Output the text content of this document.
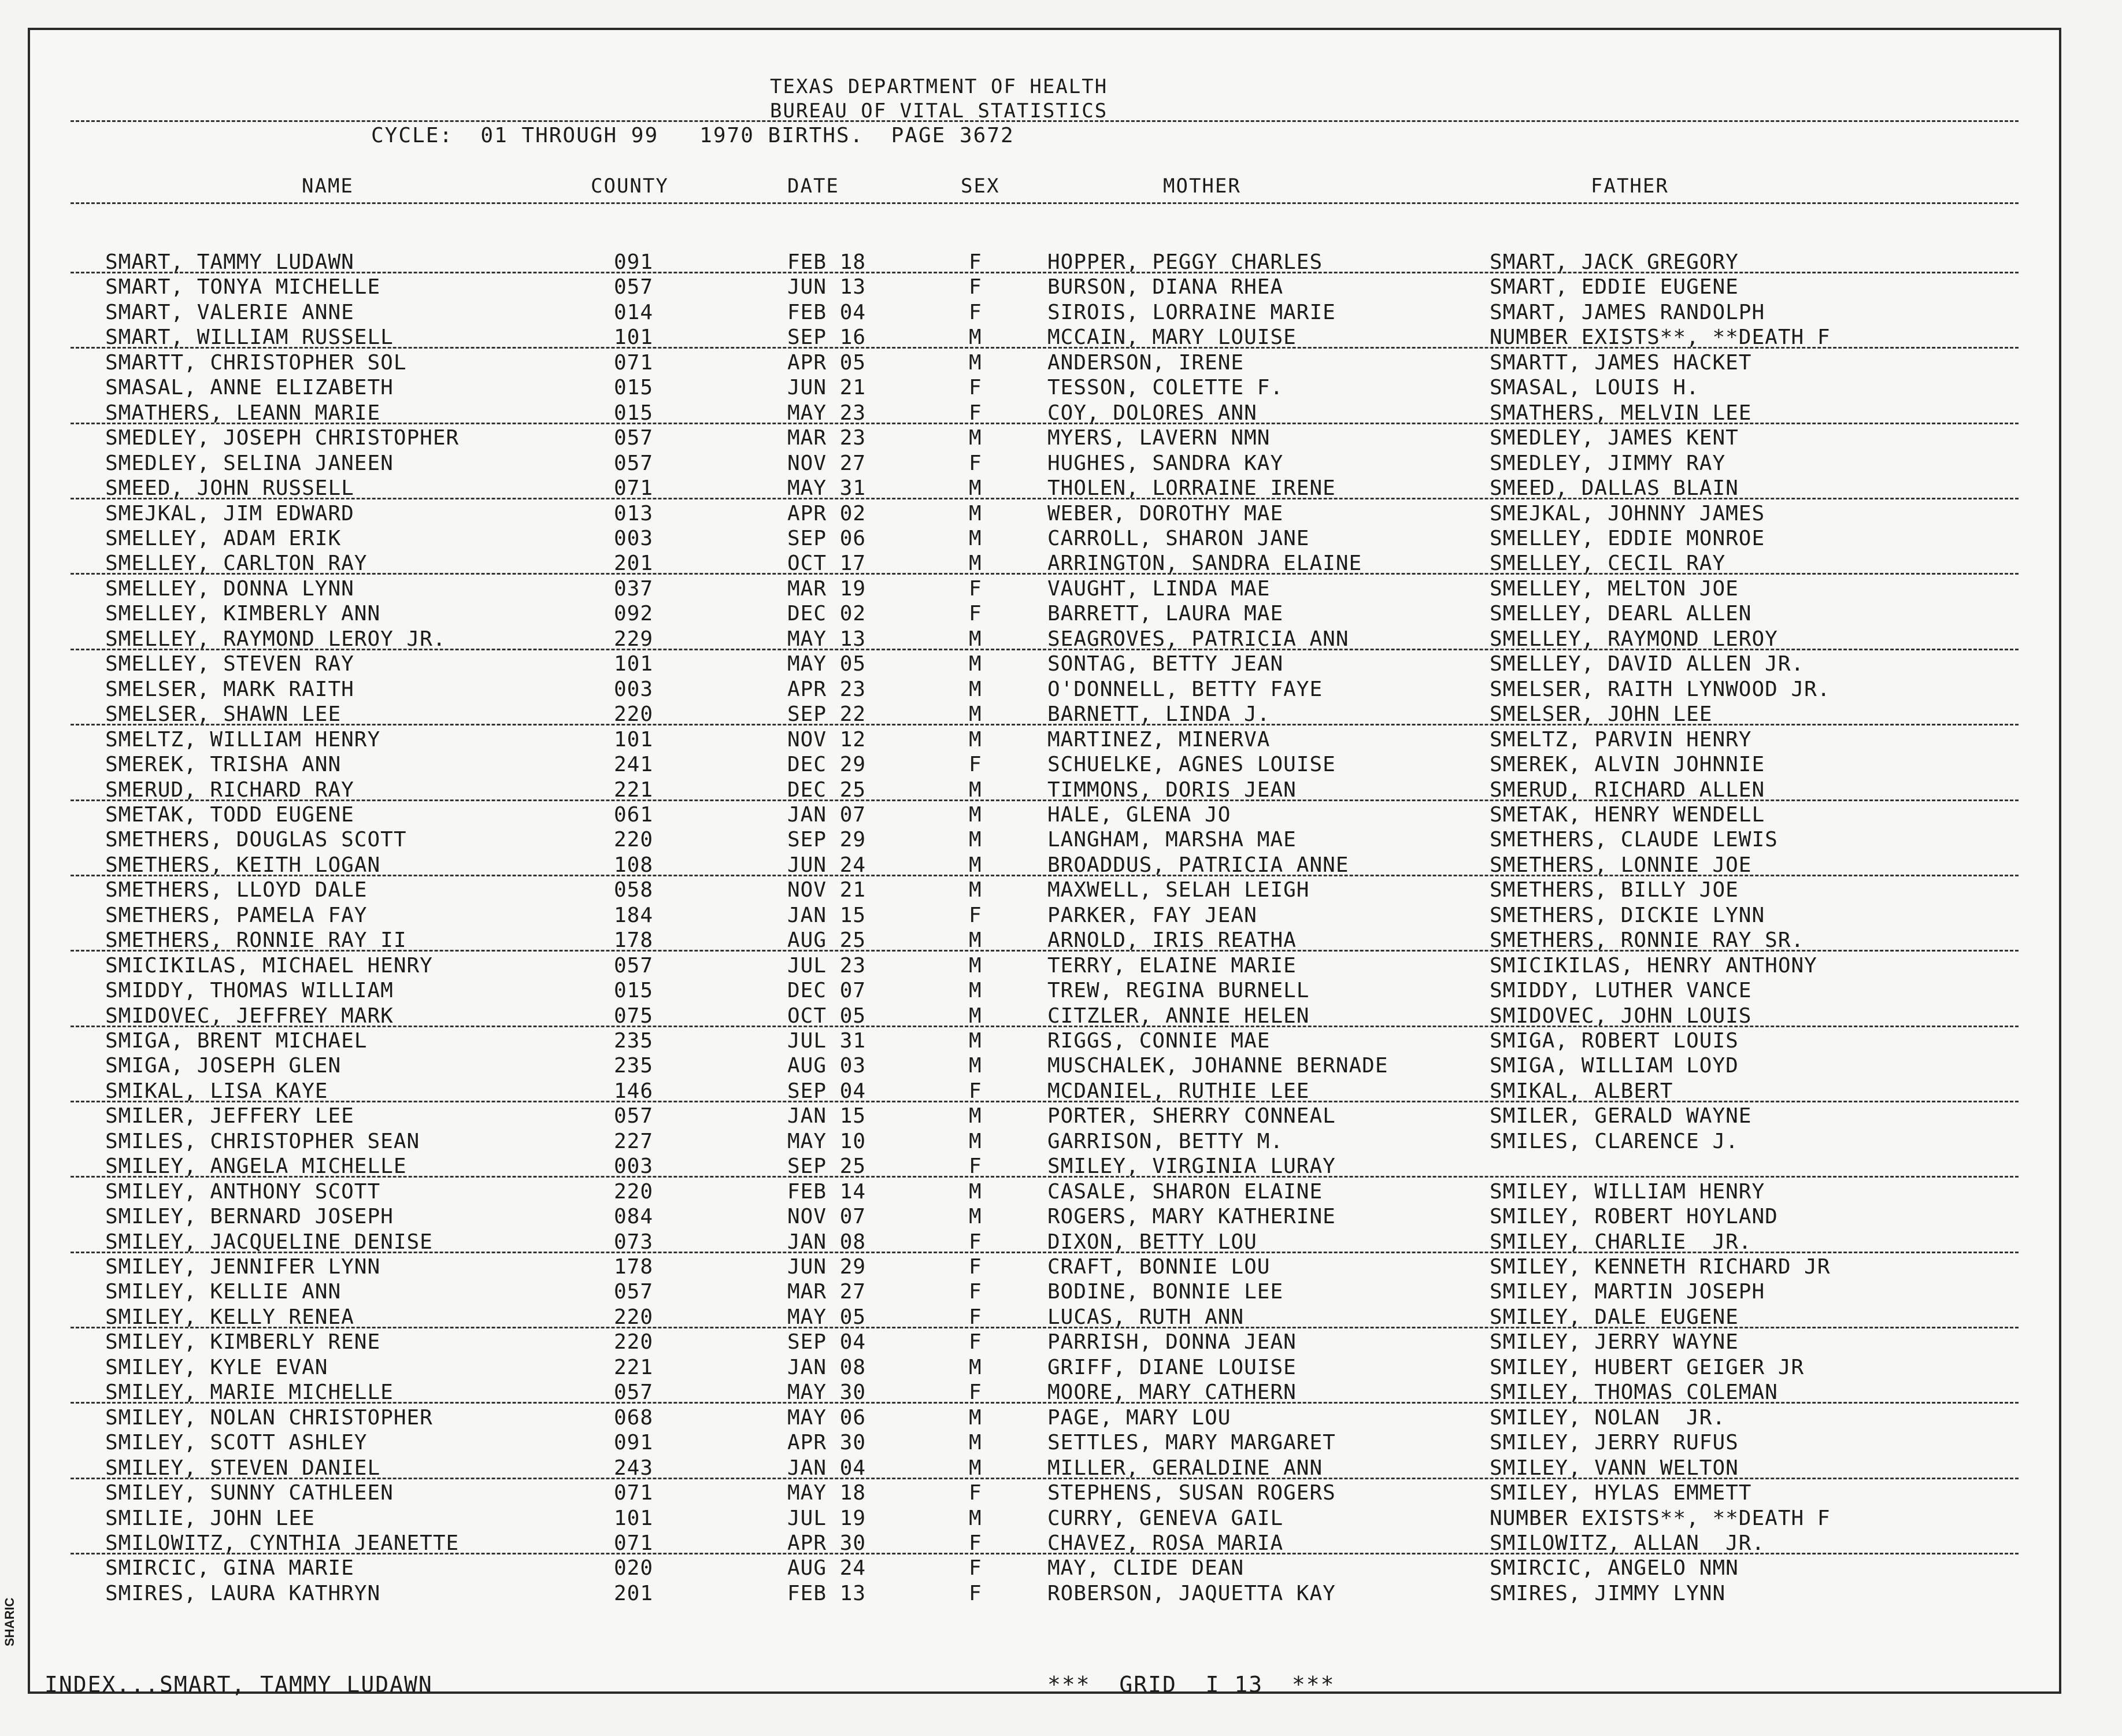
TEXAS DEPARTMENT OF HEALTH
BUREAU OF VITAL STATISTICS
CYCLE:  01 THROUGH 99   1970 BIRTHS.  PAGE 3672
NAME	COUNTY	DATE	SEX	MOTHER	FATHER
SMART, TAMMY LUDAWN	091	FEB 18	F	HOPPER, PEGGY CHARLES	SMART, JACK GREGORY
SMART, TONYA MICHELLE	057	JUN 13	F	BURSON, DIANA RHEA	SMART, EDDIE EUGENE
SMART, VALERIE ANNE	014	FEB 04	F	SIROIS, LORRAINE MARIE	SMART, JAMES RANDOLPH
SMART, WILLIAM RUSSELL	101	SEP 16	M	MCCAIN, MARY LOUISE	NUMBER EXISTS**, **DEATH F
SMARTT, CHRISTOPHER SOL	071	APR 05	M	ANDERSON, IRENE	SMARTT, JAMES HACKET
SMASAL, ANNE ELIZABETH	015	JUN 21	F	TESSON, COLETTE F.	SMASAL, LOUIS H.
SMATHERS, LEANN MARIE	015	MAY 23	F	COY, DOLORES ANN	SMATHERS, MELVIN LEE
SMEDLEY, JOSEPH CHRISTOPHER	057	MAR 23	M	MYERS, LAVERN NMN	SMEDLEY, JAMES KENT
SMEDLEY, SELINA JANEEN	057	NOV 27	F	HUGHES, SANDRA KAY	SMEDLEY, JIMMY RAY
SMEED, JOHN RUSSELL	071	MAY 31	M	THOLEN, LORRAINE IRENE	SMEED, DALLAS BLAIN
SMEJKAL, JIM EDWARD	013	APR 02	M	WEBER, DOROTHY MAE	SMEJKAL, JOHNNY JAMES
SMELLEY, ADAM ERIK	003	SEP 06	M	CARROLL, SHARON JANE	SMELLEY, EDDIE MONROE
SMELLEY, CARLTON RAY	201	OCT 17	M	ARRINGTON, SANDRA ELAINE	SMELLEY, CECIL RAY
SMELLEY, DONNA LYNN	037	MAR 19	F	VAUGHT, LINDA MAE	SMELLEY, MELTON JOE
SMELLEY, KIMBERLY ANN	092	DEC 02	F	BARRETT, LAURA MAE	SMELLEY, DEARL ALLEN
SMELLEY, RAYMOND LEROY JR.	229	MAY 13	M	SEAGROVES, PATRICIA ANN	SMELLEY, RAYMOND LEROY
SMELLEY, STEVEN RAY	101	MAY 05	M	SONTAG, BETTY JEAN	SMELLEY, DAVID ALLEN JR.
SMELSER, MARK RAITH	003	APR 23	M	O'DONNELL, BETTY FAYE	SMELSER, RAITH LYNWOOD JR.
SMELSER, SHAWN LEE	220	SEP 22	M	BARNETT, LINDA J.	SMELSER, JOHN LEE
SMELTZ, WILLIAM HENRY	101	NOV 12	M	MARTINEZ, MINERVA	SMELTZ, PARVIN HENRY
SMEREK, TRISHA ANN	241	DEC 29	F	SCHUELKE, AGNES LOUISE	SMEREK, ALVIN JOHNNIE
SMERUD, RICHARD RAY	221	DEC 25	M	TIMMONS, DORIS JEAN	SMERUD, RICHARD ALLEN
SMETAK, TODD EUGENE	061	JAN 07	M	HALE, GLENA JO	SMETAK, HENRY WENDELL
SMETHERS, DOUGLAS SCOTT	220	SEP 29	M	LANGHAM, MARSHA MAE	SMETHERS, CLAUDE LEWIS
SMETHERS, KEITH LOGAN	108	JUN 24	M	BROADDUS, PATRICIA ANNE	SMETHERS, LONNIE JOE
SMETHERS, LLOYD DALE	058	NOV 21	M	MAXWELL, SELAH LEIGH	SMETHERS, BILLY JOE
SMETHERS, PAMELA FAY	184	JAN 15	F	PARKER, FAY JEAN	SMETHERS, DICKIE LYNN
SMETHERS, RONNIE RAY II	178	AUG 25	M	ARNOLD, IRIS REATHA	SMETHERS, RONNIE RAY SR.
SMICIKILAS, MICHAEL HENRY	057	JUL 23	M	TERRY, ELAINE MARIE	SMICIKILAS, HENRY ANTHONY
SMIDDY, THOMAS WILLIAM	015	DEC 07	M	TREW, REGINA BURNELL	SMIDDY, LUTHER VANCE
SMIDOVEC, JEFFREY MARK	075	OCT 05	M	CITZLER, ANNIE HELEN	SMIDOVEC, JOHN LOUIS
SMIGA, BRENT MICHAEL	235	JUL 31	M	RIGGS, CONNIE MAE	SMIGA, ROBERT LOUIS
SMIGA, JOSEPH GLEN	235	AUG 03	M	MUSCHALEK, JOHANNE BERNADE	SMIGA, WILLIAM LOYD
SMIKAL, LISA KAYE	146	SEP 04	F	MCDANIEL, RUTHIE LEE	SMIKAL, ALBERT
SMILER, JEFFERY LEE	057	JAN 15	M	PORTER, SHERRY CONNEAL	SMILER, GERALD WAYNE
SMILES, CHRISTOPHER SEAN	227	MAY 10	M	GARRISON, BETTY M.	SMILES, CLARENCE J.
SMILEY, ANGELA MICHELLE	003	SEP 25	F	SMILEY, VIRGINIA LURAY
SMILEY, ANTHONY SCOTT	220	FEB 14	M	CASALE, SHARON ELAINE	SMILEY, WILLIAM HENRY
SMILEY, BERNARD JOSEPH	084	NOV 07	M	ROGERS, MARY KATHERINE	SMILEY, ROBERT HOYLAND
SMILEY, JACQUELINE DENISE	073	JAN 08	F	DIXON, BETTY LOU	SMILEY, CHARLIE  JR.
SMILEY, JENNIFER LYNN	178	JUN 29	F	CRAFT, BONNIE LOU	SMILEY, KENNETH RICHARD JR
SMILEY, KELLIE ANN	057	MAR 27	F	BODINE, BONNIE LEE	SMILEY, MARTIN JOSEPH
SMILEY, KELLY RENEA	220	MAY 05	F	LUCAS, RUTH ANN	SMILEY, DALE EUGENE
SMILEY, KIMBERLY RENE	220	SEP 04	F	PARRISH, DONNA JEAN	SMILEY, JERRY WAYNE
SMILEY, KYLE EVAN	221	JAN 08	M	GRIFF, DIANE LOUISE	SMILEY, HUBERT GEIGER JR
SMILEY, MARIE MICHELLE	057	MAY 30	F	MOORE, MARY CATHERN	SMILEY, THOMAS COLEMAN
SMILEY, NOLAN CHRISTOPHER	068	MAY 06	M	PAGE, MARY LOU	SMILEY, NOLAN  JR.
SMILEY, SCOTT ASHLEY	091	APR 30	M	SETTLES, MARY MARGARET	SMILEY, JERRY RUFUS
SMILEY, STEVEN DANIEL	243	JAN 04	M	MILLER, GERALDINE ANN	SMILEY, VANN WELTON
SMILEY, SUNNY CATHLEEN	071	MAY 18	F	STEPHENS, SUSAN ROGERS	SMILEY, HYLAS EMMETT
SMILIE, JOHN LEE	101	JUL 19	M	CURRY, GENEVA GAIL	NUMBER EXISTS**, **DEATH F
SMILOWITZ, CYNTHIA JEANETTE	071	APR 30	F	CHAVEZ, ROSA MARIA	SMILOWITZ, ALLAN  JR.
SMIRCIC, GINA MARIE	020	AUG 24	F	MAY, CLIDE DEAN	SMIRCIC, ANGELO NMN
SMIRES, LAURA KATHRYN	201	FEB 13	F	ROBERSON, JAQUETTA KAY	SMIRES, JIMMY LYNN
INDEX...SMART, TAMMY LUDAWN	***  GRID  I 13  ***
SHARIC
